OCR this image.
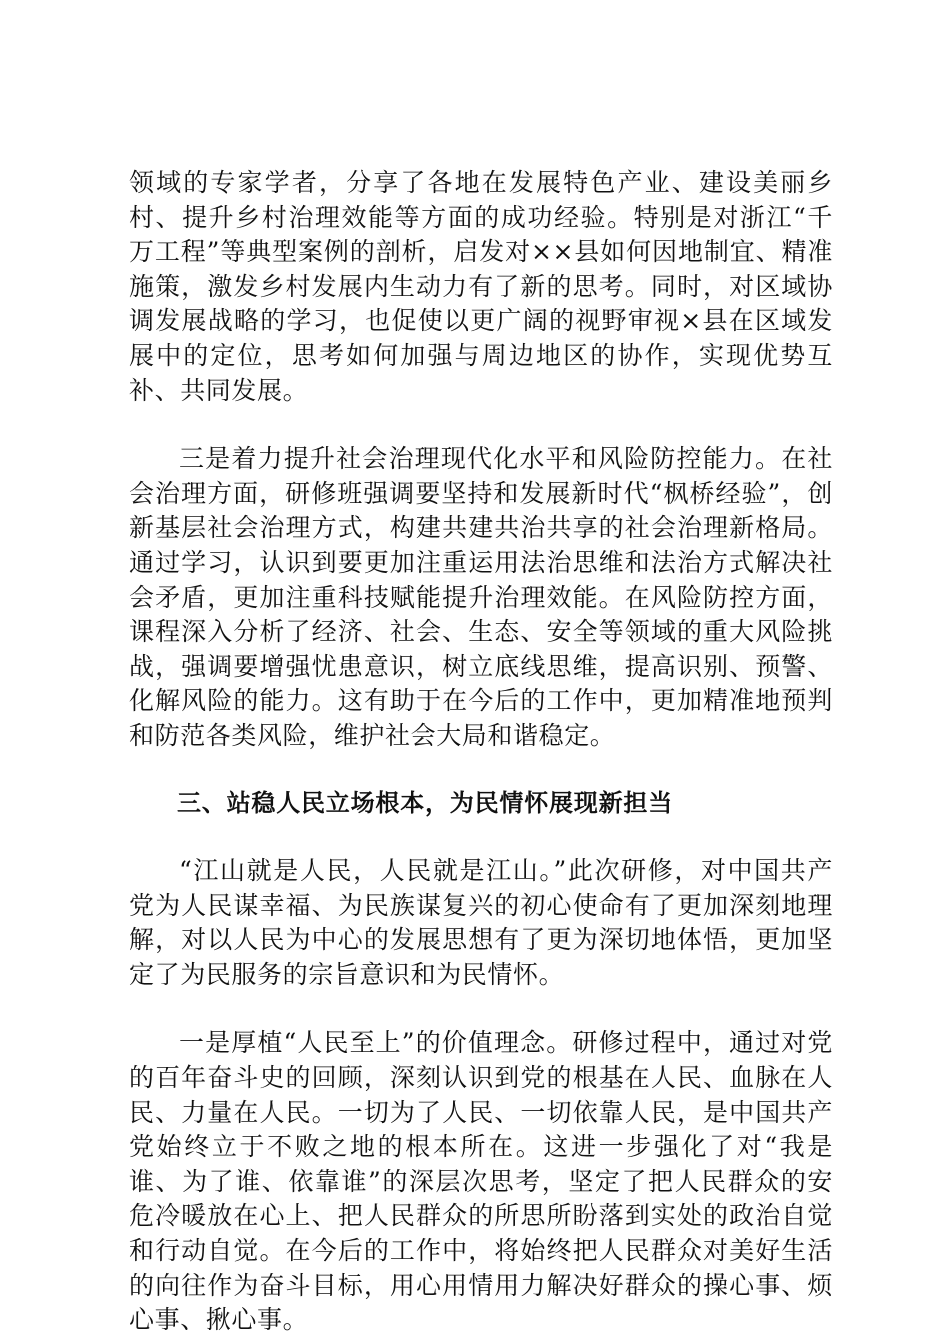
领域的专家学者，分享了各地在发展特色产业、建设美丽乡村、提升乡村治理效能等方面的成功经验。特别是对浙江“千万工程”等典型案例的剖析，启发对××县如何因地制宜、精准施策，激发乡村发展内生动力有了新的思考。同时，对区域协调发展战略的学习，也促使以更广阔的视野审视×县在区域发展中的定位，思考如何加强与周边地区的协作，实现优势互补、共同发展。

三是着力提升社会治理现代化水平和风险防控能力。在社会治理方面，研修班强调要坚持和发展新时代“枫桥经验”，创新基层社会治理方式，构建共建共治共享的社会治理新格局。通过学习，认识到要更加注重运用法治思维和法治方式解决社会矛盾，更加注重科技赋能提升治理效能。在风险防控方面，课程深入分析了经济、社会、生态、安全等领域的重大风险挑战，强调要增强忧患意识，树立底线思维，提高识别、预警、化解风险的能力。这有助于在今后的工作中，更加精准地预判和防范各类风险，维护社会大局和谐稳定。

三、站稳人民立场根本，为民情怀展现新担当

“江山就是人民，人民就是江山。”此次研修，对中国共产党为人民谋幸福、为民族谋复兴的初心使命有了更加深刻地理解，对以人民为中心的发展思想有了更为深切地体悟，更加坚定了为民服务的宗旨意识和为民情怀。

一是厚植“人民至上”的价值理念。研修过程中，通过对党的百年奋斗史的回顾，深刻认识到党的根基在人民、血脉在人民、力量在人民。一切为了人民、一切依靠人民，是中国共产党始终立于不败之地的根本所在。这进一步强化了对“我是谁、为了谁、依靠谁”的深层次思考，坚定了把人民群众的安危冷暖放在心上、把人民群众的所思所盼落到实处的政治自觉和行动自觉。在今后的工作中，将始终把人民群众对美好生活的向往作为奋斗目标，用心用情用力解决好群众的操心事、烦心事、揪心事。
